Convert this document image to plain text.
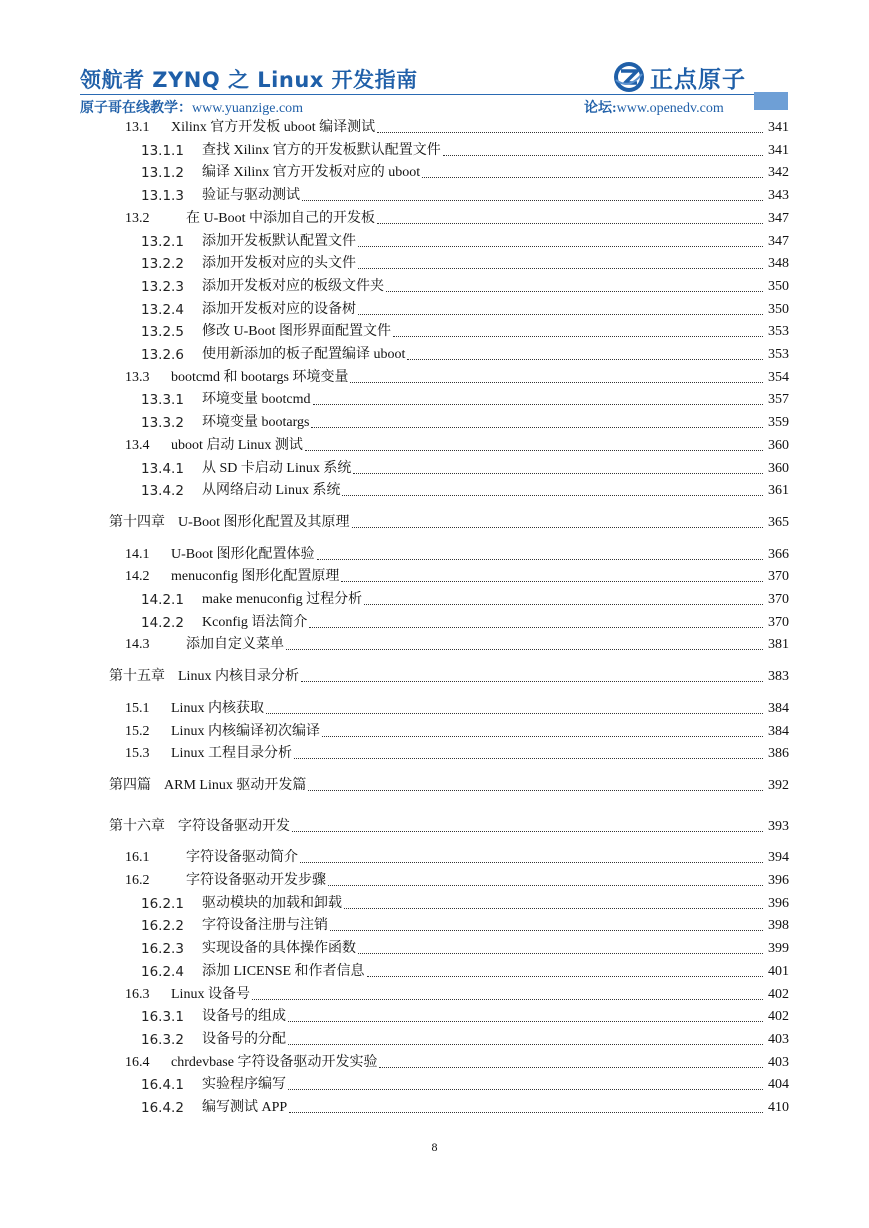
领航者 ZYNQ 之 Linux 开发指南	正点原子
原子哥在线教学：www.yuanzige.com	论坛:www.openedv.com
13.1	Xilinx 官方开发板 uboot 编译测试	341
13.1.1	查找 Xilinx 官方的开发板默认配置文件	341
13.1.2	编译 Xilinx 官方开发板对应的 uboot	342
13.1.3	验证与驱动测试	343
13.2	在 U-Boot 中添加自己的开发板	347
13.2.1	添加开发板默认配置文件	347
13.2.2	添加开发板对应的头文件	348
13.2.3	添加开发板对应的板级文件夹	350
13.2.4	添加开发板对应的设备树	350
13.2.5	修改 U-Boot 图形界面配置文件	353
13.2.6	使用新添加的板子配置编译 uboot	353
13.3	bootcmd 和 bootargs 环境变量	354
13.3.1	环境变量 bootcmd	357
13.3.2	环境变量 bootargs	359
13.4	uboot 启动 Linux 测试	360
13.4.1	从 SD 卡启动 Linux 系统	360
13.4.2	从网络启动 Linux 系统	361
第十四章 U-Boot 图形化配置及其原理	365
14.1	U-Boot 图形化配置体验	366
14.2	menuconfig 图形化配置原理	370
14.2.1	make menuconfig 过程分析	370
14.2.2	Kconfig 语法简介	370
14.3	添加自定义菜单	381
第十五章 Linux 内核目录分析	383
15.1	Linux 内核获取	384
15.2	Linux 内核编译初次编译	384
15.3	Linux 工程目录分析	386
第四篇 ARM Linux 驱动开发篇	392
第十六章 字符设备驱动开发	393
16.1	字符设备驱动简介	394
16.2	字符设备驱动开发步骤	396
16.2.1	驱动模块的加载和卸载	396
16.2.2	字符设备注册与注销	398
16.2.3	实现设备的具体操作函数	399
16.2.4	添加 LICENSE 和作者信息	401
16.3	Linux 设备号	402
16.3.1	设备号的组成	402
16.3.2	设备号的分配	403
16.4	chrdevbase 字符设备驱动开发实验	403
16.4.1	实验程序编写	404
16.4.2	编写测试 APP	410
8
